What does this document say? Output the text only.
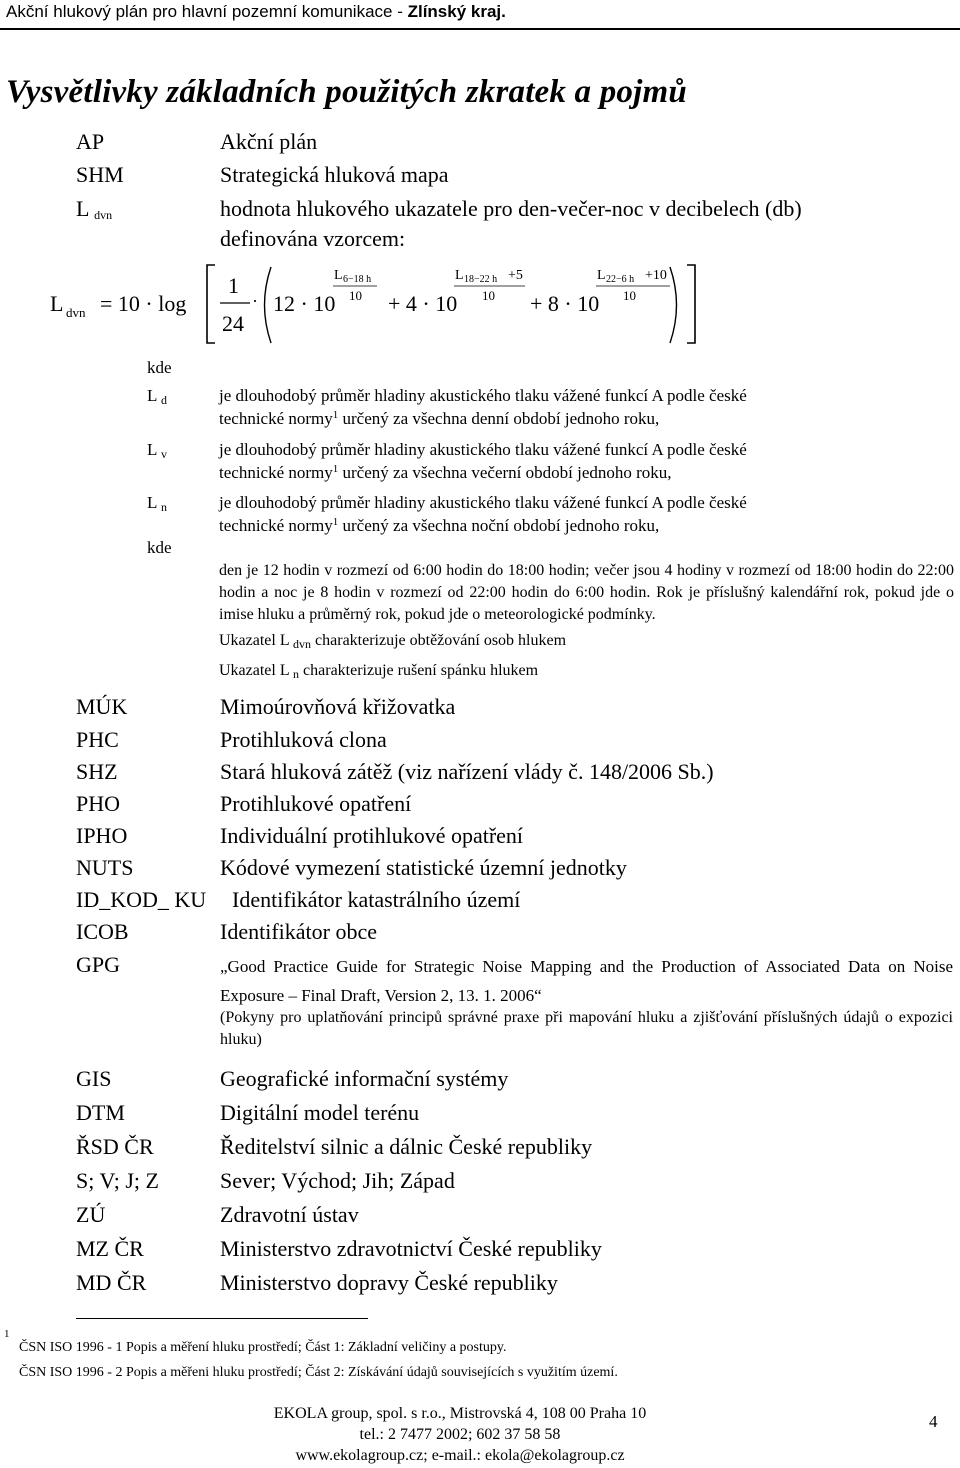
Akční hlukový plán pro hlavní pozemní komunikace - Zlínský kraj.
Vysvětlivky základních použitých zkratek a pojmů
AP	Akční plán
SHM	Strategická hluková mapa
L $_{dvn}$	hodnota hlukového ukazatele pro den-večer-noc v decibelech (db)
definována vzorcem:
L dvn = 10 · log
1
24
· 12 · 10
L 6−18 h
10 + 4 · 10
L 18−22 h +5
10 + 8 · 10
L 22−6 h +10
10
kde
L $_d$	je dlouhodobý průměr hladiny akustického tlaku vážené funkcí A podle české
technické normy$^1$ určený za všechna denní období jednoho roku,
L $_v$	je dlouhodobý průměr hladiny akustického tlaku vážené funkcí A podle české
technické normy$^1$ určený za všechna večerní období jednoho roku,
L $_n$	je dlouhodobý průměr hladiny akustického tlaku vážené funkcí A podle české
technické normy$^1$ určený za všechna noční období jednoho roku,
kde
den je 12 hodin v rozmezí od 6:00 hodin do 18:00 hodin; večer jsou 4 hodiny v rozmezí od 18:00 hodin do 22:00 hodin a noc je 8 hodin v rozmezí od 22:00 hodin do 6:00 hodin. Rok je příslušný kalendářní rok, pokud jde o imise hluku a průměrný rok, pokud jde o meteorologické podmínky.
Ukazatel L $_{dvn}$ charakterizuje obtěžování osob hlukem
Ukazatel L $_n$ charakterizuje rušení spánku hlukem
MÚK	Mimoúrovňová křižovatka
PHC	Protihluková clona
SHZ	Stará hluková zátěž (viz nařízení vlády č. 148/2006 Sb.)
PHO	Protihlukové opatření
IPHO	Individuální protihlukové opatření
NUTS	Kódové vymezení statistické územní jednotky
ID_KOD_ KU Identifikátor katastrálního území
ICOB	Identifikátor obce
GPG	„Good Practice Guide for Strategic Noise Mapping and the Production of Associated Data on Noise Exposure – Final Draft, Version 2, 13. 1. 2006“
(Pokyny pro uplatňování principů správné praxe při mapování hluku a zjišťování příslušných údajů o expozici hluku)
GIS	Geografické informační systémy
DTM	Digitální model terénu
ŘSD ČR	Ředitelství silnic a dálnic České republiky
S; V; J; Z	Sever; Východ; Jih; Západ
ZÚ	Zdravotní ústav
MZ ČR	Ministerstvo zdravotnictví České republiky
MD ČR	Ministerstvo dopravy České republiky
1
ČSN ISO 1996 - 1 Popis a měření hluku prostředí; Část 1: Základní veličiny a postupy.
ČSN ISO 1996 - 2 Popis a měřeni hluku prostředí; Část 2: Získávání údajů souvisejících s využitím území.
EKOLA group, spol. s r.o., Mistrovská 4, 108 00 Praha 10
tel.: 2 7477 2002; 602 37 58 58
www.ekolagroup.cz; e-mail.: ekola@ekolagroup.cz
4
